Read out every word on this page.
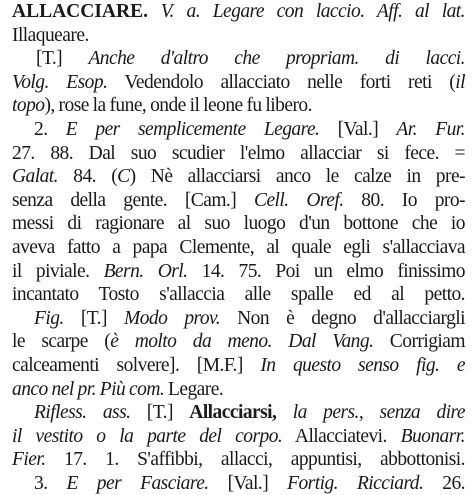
ALLACCIARE. V. a. Legare con laccio. Aff. al lat.
Illaqueare.
[T.] Anche d'altro che propriam. di lacci.
Volg. Esop. Vedendolo allacciato nelle forti reti (il
topo), rose la fune, onde il leone fu libero.
2. E per semplicemente Legare. [Val.] Ar. Fur.
27. 88. Dal suo scudier l'elmo allacciar si fece. =
Galat. 84. (C) Nè allacciarsi anco le calze in pre-
senza della gente. [Cam.] Cell. Oref. 80. Io pro-
messi di ragionare al suo luogo d'un bottone che io
aveva fatto a papa Clemente, al quale egli s'allacciava
il piviale. Bern. Orl. 14. 75. Poi un elmo finissimo
incantato Tosto s'allaccia alle spalle ed al petto.
Fig. [T.] Modo prov. Non è degno d'allacciargli
le scarpe (è molto da meno. Dal Vang. Corrigiam
calceamenti solvere]. [M.F.] In questo senso fig. e
anco nel pr. Più com. Legare.
Rifless. ass. [T.] Allacciarsi, la pers., senza dire
il vestito o la parte del corpo. Allacciatevi. Buonarr.
Fier. 17. 1. S'affibbi, allacci, appuntisi, abbottonisi.
3. E per Fasciare. [Val.] Fortig. Ricciard. 26.
